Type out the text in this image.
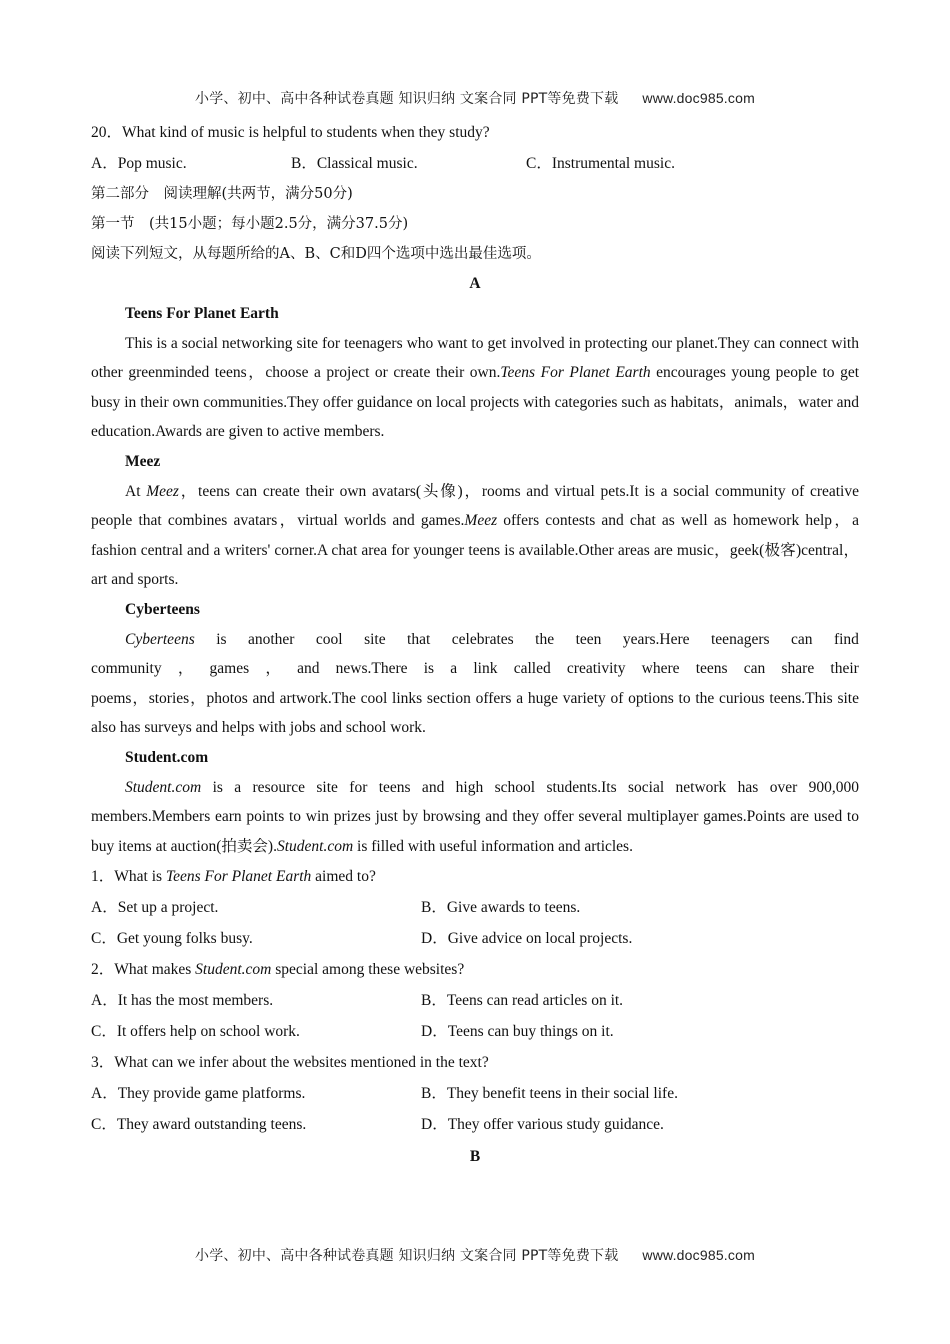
小学、初中、高中各种试卷真题 知识归纳 文案合同 PPT等免费下载 www.doc985.com

20．What kind of music is helpful to students when they study?

A．Pop music.	B．Classical music.	C．Instrumental music.

第二部分　阅读理解(共两节，满分50分)

第一节　(共15小题；每小题2.5分，满分37.5分)

阅读下列短文，从每题所给的A、B、C和D四个选项中选出最佳选项。

A

Teens For Planet Earth

This is a social networking site for teenagers who want to get involved in protecting our planet.They can connect with other greenminded teens，choose a project or create their own.Teens For Planet Earth encourages young people to get busy in their own communities.They offer guidance on local projects with categories such as habitats，animals，water and education.Awards are given to active members.

Meez

At Meez，teens can create their own avatars(头像)，rooms and virtual pets.It is a social community of creative people that combines avatars，virtual worlds and games.Meez offers contests and chat as well as homework help，a fashion central and a writers' corner.A chat area for younger teens is available.Other areas are music，geek(极客)central，art and sports.

Cyberteens

Cyberteens is another cool site that celebrates the teen years.Here teenagers can find
community ， games ， and news.There is a link called creativity where teens can share their

poems，stories，photos and artwork.The cool links section offers a huge variety of options to the curious teens.This site also has surveys and helps with jobs and school work.

Student.com

Student.com is a resource site for teens and high school students.Its social network has over 900,000 members.Members earn points to win prizes just by browsing and they offer several multiplayer games.Points are used to buy items at auction(拍卖会).Student.com is filled with useful information and articles.

1．What is Teens For Planet Earth aimed to?

A．Set up a project.	B．Give awards to teens.
C．Get young folks busy.	D．Give advice on local projects.

2．What makes Student.com special among these websites?

A．It has the most members.	B．Teens can read articles on it.
C．It offers help on school work.	D．Teens can buy things on it.

3．What can we infer about the websites mentioned in the text?

A．They provide game platforms.	B．They benefit teens in their social life.
C．They award outstanding teens.	D．They offer various study guidance.

B

小学、初中、高中各种试卷真题 知识归纳 文案合同 PPT等免费下载 www.doc985.com
